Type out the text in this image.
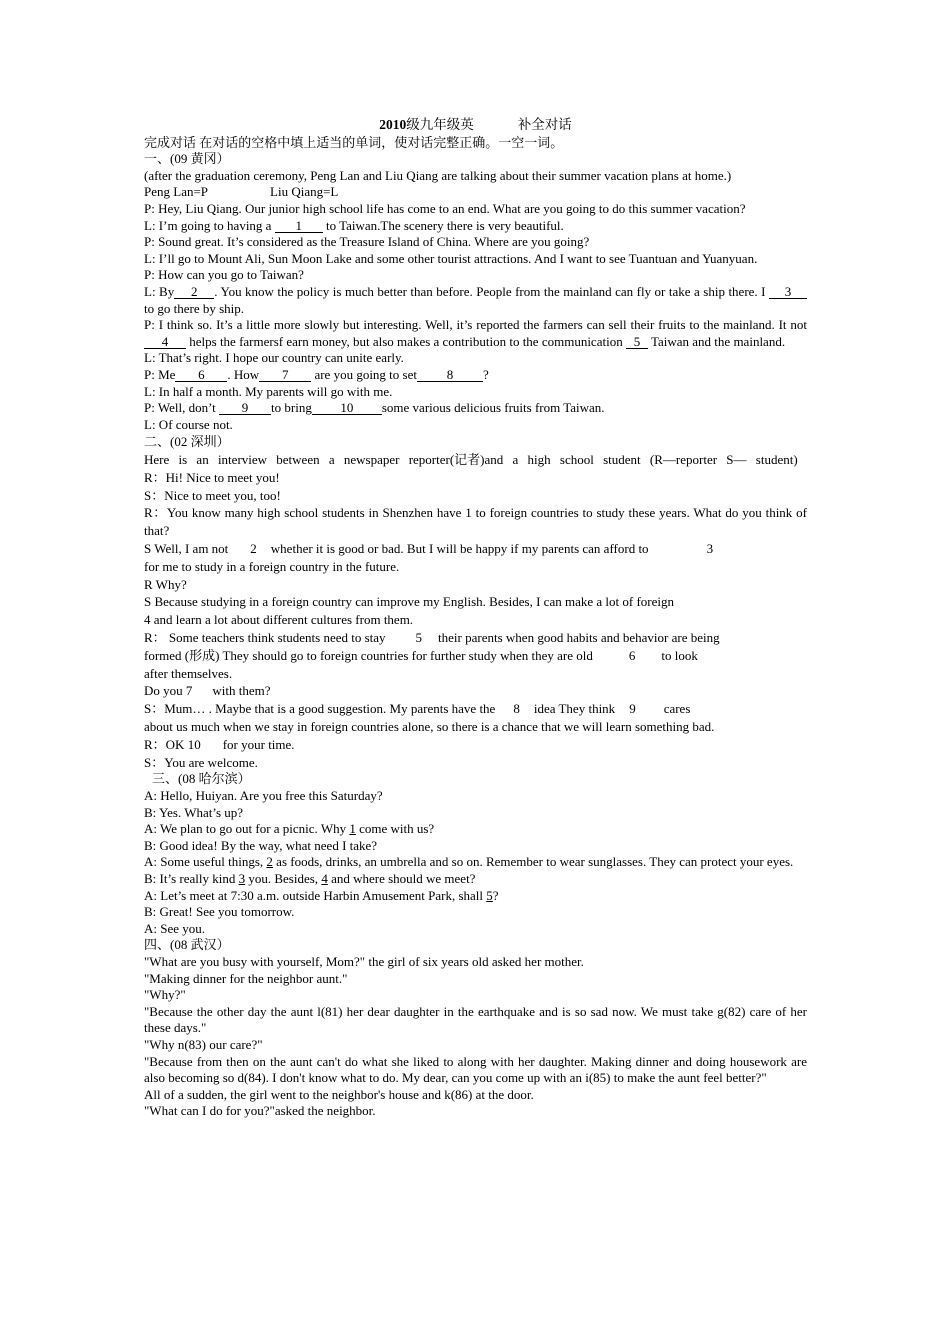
2010级九年级英	补全对话

完成对话 在对话的空格中填上适当的单词，使对话完整正确。一空一词。

一、(09 黄冈）

(after the graduation ceremony, Peng Lan and Liu Qiang are talking about their summer vacation plans at home.)

Peng Lan=P	Liu Qiang=L

P: Hey, Liu Qiang. Our junior high school life has come to an end. What are you going to do this summer vacation?

L: I’m going to having a 1 to Taiwan.The scenery there is very beautiful.

P: Sound great. It’s considered as the Treasure Island of China. Where are you going?

L: I’ll go to Mount Ali, Sun Moon Lake and some other tourist attractions. And I want to see Tuantuan and Yuanyuan.

P: How can you go to Taiwan?

L: By 2 . You know the policy is much better than before. People from the mainland can fly or take a ship there. I 3to go there by ship.

P: I think so. It’s a little more slowly but interesting. Well, it’s reported the farmers can sell their fruits to the mainland. It not4 helps the farmersf earn money, but also makes a contribution to the communication 5 Taiwan and the mainland.

L: That’s right. I hope our country can unite early.

P: Me 6 . How 7 are you going to set 8 ?

L: In half a month. My parents will go with me.

P: Well, don’t 9 to bring 10 some various delicious fruits from Taiwan.

L: Of course not.

二、(02 深圳）

Here is an interview between a newspaper reporter(记者)and a high school student (R—reporter S— student)

R：Hi! Nice to meet you!

S：Nice to meet you, too!

R：You know many high school students in Shenzhen have 1 to foreign countries to study these years. What do you think of that?

S Well, I am not 2 whether it is good or bad. But I will be happy if my parents can afford to	3

for me to study in a foreign country in the future.

R Why?

S Because studying in a foreign country can improve my English. Besides, I can make a lot of foreign

4 and learn a lot about different cultures from them.

R： Some teachers think students need to stay 5 their parents when good habits and behavior are being

formed (形成) They should go to foreign countries for further study when they are old	6 to look

after themselves.

Do you 7 with them?

S：Mum… . Maybe that is a good suggestion. My parents have the 8 idea They think 9 cares

about us much when we stay in foreign countries alone, so there is a chance that we will learn something bad.

R：OK 10 for your time.

S：You are welcome.

三、(08 哈尔滨）

A: Hello, Huiyan. Are you free this Saturday?

B: Yes. What’s up?

A: We plan to go out for a picnic. Why 1 come with us?

B: Good idea! By the way, what need I take?

A: Some useful things, 2 as foods, drinks, an umbrella and so on. Remember to wear sunglasses. They can protect your eyes.

B: It’s really kind 3 you. Besides, 4 and where should we meet?

A: Let’s meet at 7:30 a.m. outside Harbin Amusement Park, shall 5?

B: Great! See you tomorrow.

A: See you.

四、(08 武汉）

"What are you busy with yourself, Mom?" the girl of six years old asked her mother.

"Making dinner for the neighbor aunt."

"Why?"

"Because the other day the aunt l(81) her dear daughter in the earthquake and is so sad now. We must take g(82) care of her these days."

"Why n(83) our care?"

"Because from then on the aunt can't do what she liked to along with her daughter. Making dinner and doing housework are also becoming so d(84). I don't know what to do. My dear, can you come up with an i(85) to make the aunt feel better?"

All of a sudden, the girl went to the neighbor's house and k(86) at the door.

"What can I do for you?"asked the neighbor.
